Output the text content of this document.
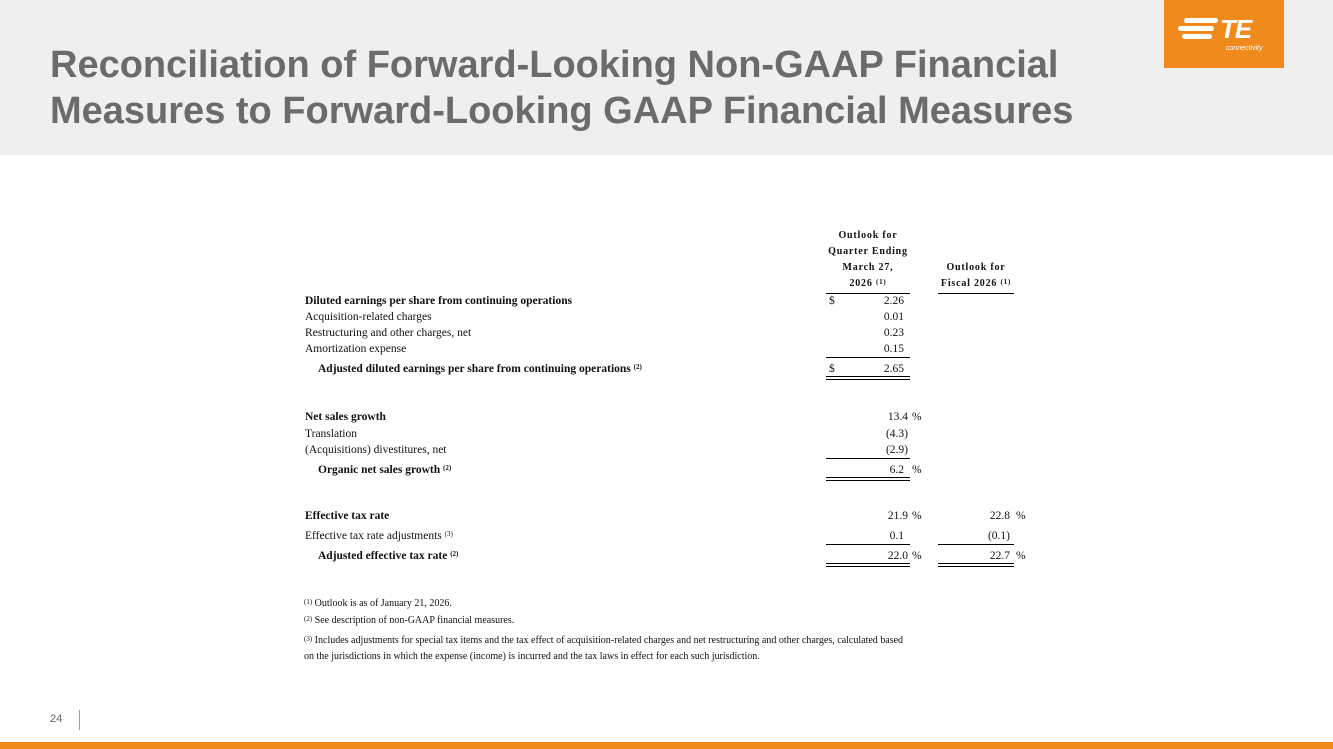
Reconciliation of Forward-Looking Non-GAAP Financial
Measures to Forward-Looking GAAP Financial Measures
TE
connectivity
Outlook for
Quarter Ending
March 27,
2026 $^{(1)}$
Outlook for
Fiscal 2026 $^{(1)}$
Diluted earnings per share from continuing operations	$	2.26
Acquisition-related charges	0.01
Restructuring and other charges, net	0.23
Amortization expense	0.15
Adjusted diluted earnings per share from continuing operations $^{(2)}$	$	2.65
Net sales growth	13.4 %
Translation	(4.3)
(Acquisitions) divestitures, net	(2.9)
Organic net sales growth $^{(2)}$	6.2 %
Effective tax rate	21.9 %	22.8 %
Effective tax rate adjustments $^{(3)}$	0.1	(0.1)
Adjusted effective tax rate $^{(2)}$	22.0 %	22.7 %
$^{(1)}$ Outlook is as of January 21, 2026.
$^{(2)}$ See description of non-GAAP financial measures.
$^{(3)}$ Includes adjustments for special tax items and the tax effect of acquisition-related charges and net restructuring and other charges, calculated based
on the jurisdictions in which the expense (income) is incurred and the tax laws in effect for each such jurisdiction.
24
